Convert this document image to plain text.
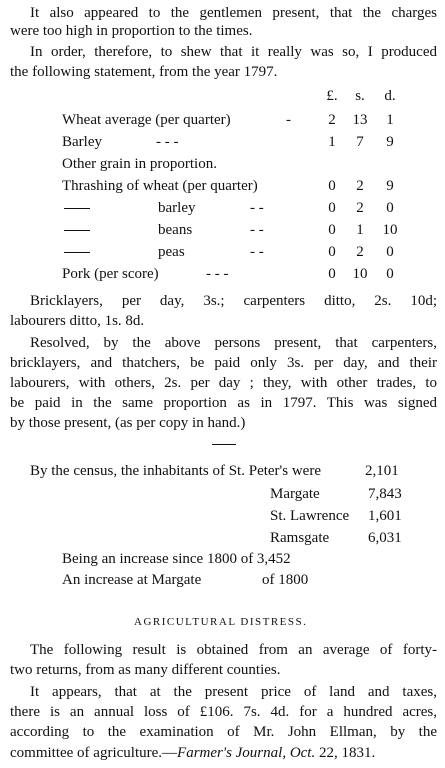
It also appeared to the gentlemen present, that the charges
were too high in proportion to the times.
In order, therefore, to shew that it really was so, I produced
the following statement, from the year 1797.
£.	s.	d.
Wheat average (per quarter)	-	2	13	1
Barley	- - -	1	7	9
Other grain in proportion.
Thrashing of wheat (per quarter)	0	2	9
barley	- -	0	2	0
beans	- -	0	1	10
peas	- -	0	2	0
Pork (per score)	- - -	0	10	0
Bricklayers, per day, 3s.; carpenters ditto, 2s. 10d;
labourers ditto, 1s. 8d.
Resolved, by the above persons present, that carpenters,
bricklayers, and thatchers, be paid only 3s. per day, and their
labourers, with others, 2s. per day ; they, with other trades, to
be paid in the same proportion as in 1797. This was signed
by those present, (as per copy in hand.)
By the census, the inhabitants of St. Peter's were	2,101
Margate	7,843
St. Lawrence 1,601
Ramsgate	6,031
Being an increase since 1800 of 3,452
An increase at Margate	of 1800
AGRICULTURAL DISTRESS.
The following result is obtained from an average of forty-
two returns, from as many different counties.
It appears, that at the present price of land and taxes,
there is an annual loss of £106. 7s. 4d. for a hundred acres,
according to the examination of Mr. John Ellman, by the
committee of agriculture.—Farmer's Journal, Oct. 22, 1831.
